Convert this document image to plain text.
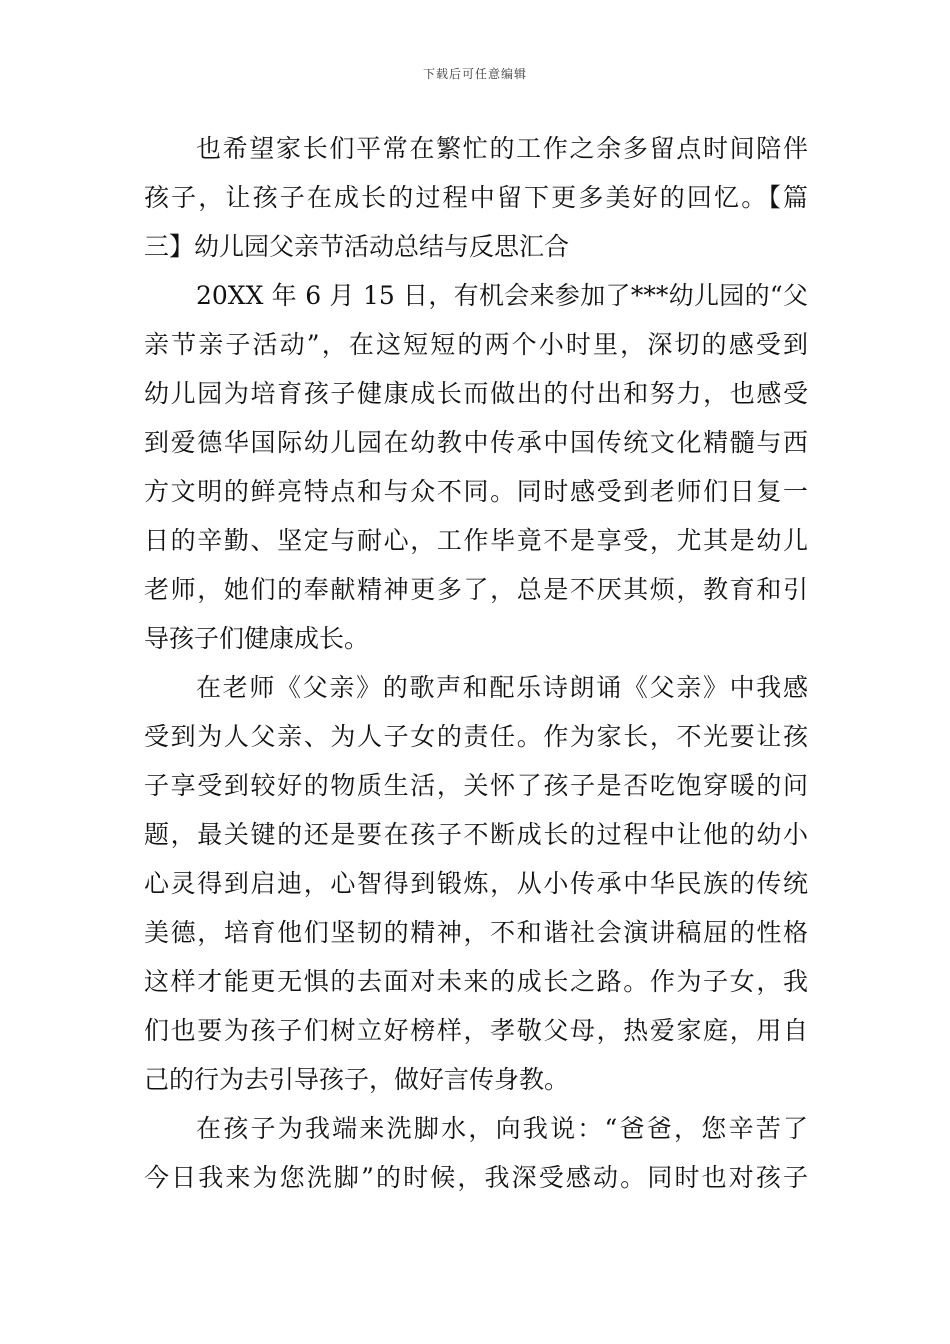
下载后可任意编辑
也希望家长们平常在繁忙的工作之余多留点时间陪伴
孩子，让孩子在成长的过程中留下更多美好的回忆。【篇
三】幼儿园父亲节活动总结与反思汇合
20XX 年 6 月 15 日，有机会来参加了***幼儿园的“父
亲节亲子活动”，在这短短的两个小时里，深切的感受到
幼儿园为培育孩子健康成长而做出的付出和努力，也感受
到爱德华国际幼儿园在幼教中传承中国传统文化精髓与西
方文明的鲜亮特点和与众不同。同时感受到老师们日复一
日的辛勤、坚定与耐心，工作毕竟不是享受，尤其是幼儿
老师，她们的奉献精神更多了，总是不厌其烦，教育和引
导孩子们健康成长。
在老师《父亲》的歌声和配乐诗朗诵《父亲》中我感
受到为人父亲、为人子女的责任。作为家长，不光要让孩
子享受到较好的物质生活，关怀了孩子是否吃饱穿暖的问
题，最关键的还是要在孩子不断成长的过程中让他的幼小
心灵得到启迪，心智得到锻炼，从小传承中华民族的传统
美德，培育他们坚韧的精神，不和谐社会演讲稿屈的性格
这样才能更无惧的去面对未来的成长之路。作为子女，我
们也要为孩子们树立好榜样，孝敬父母，热爱家庭，用自
己的行为去引导孩子，做好言传身教。
在孩子为我端来洗脚水，向我说：“爸爸，您辛苦了
今日我来为您洗脚”的时候，我深受感动。同时也对孩子
